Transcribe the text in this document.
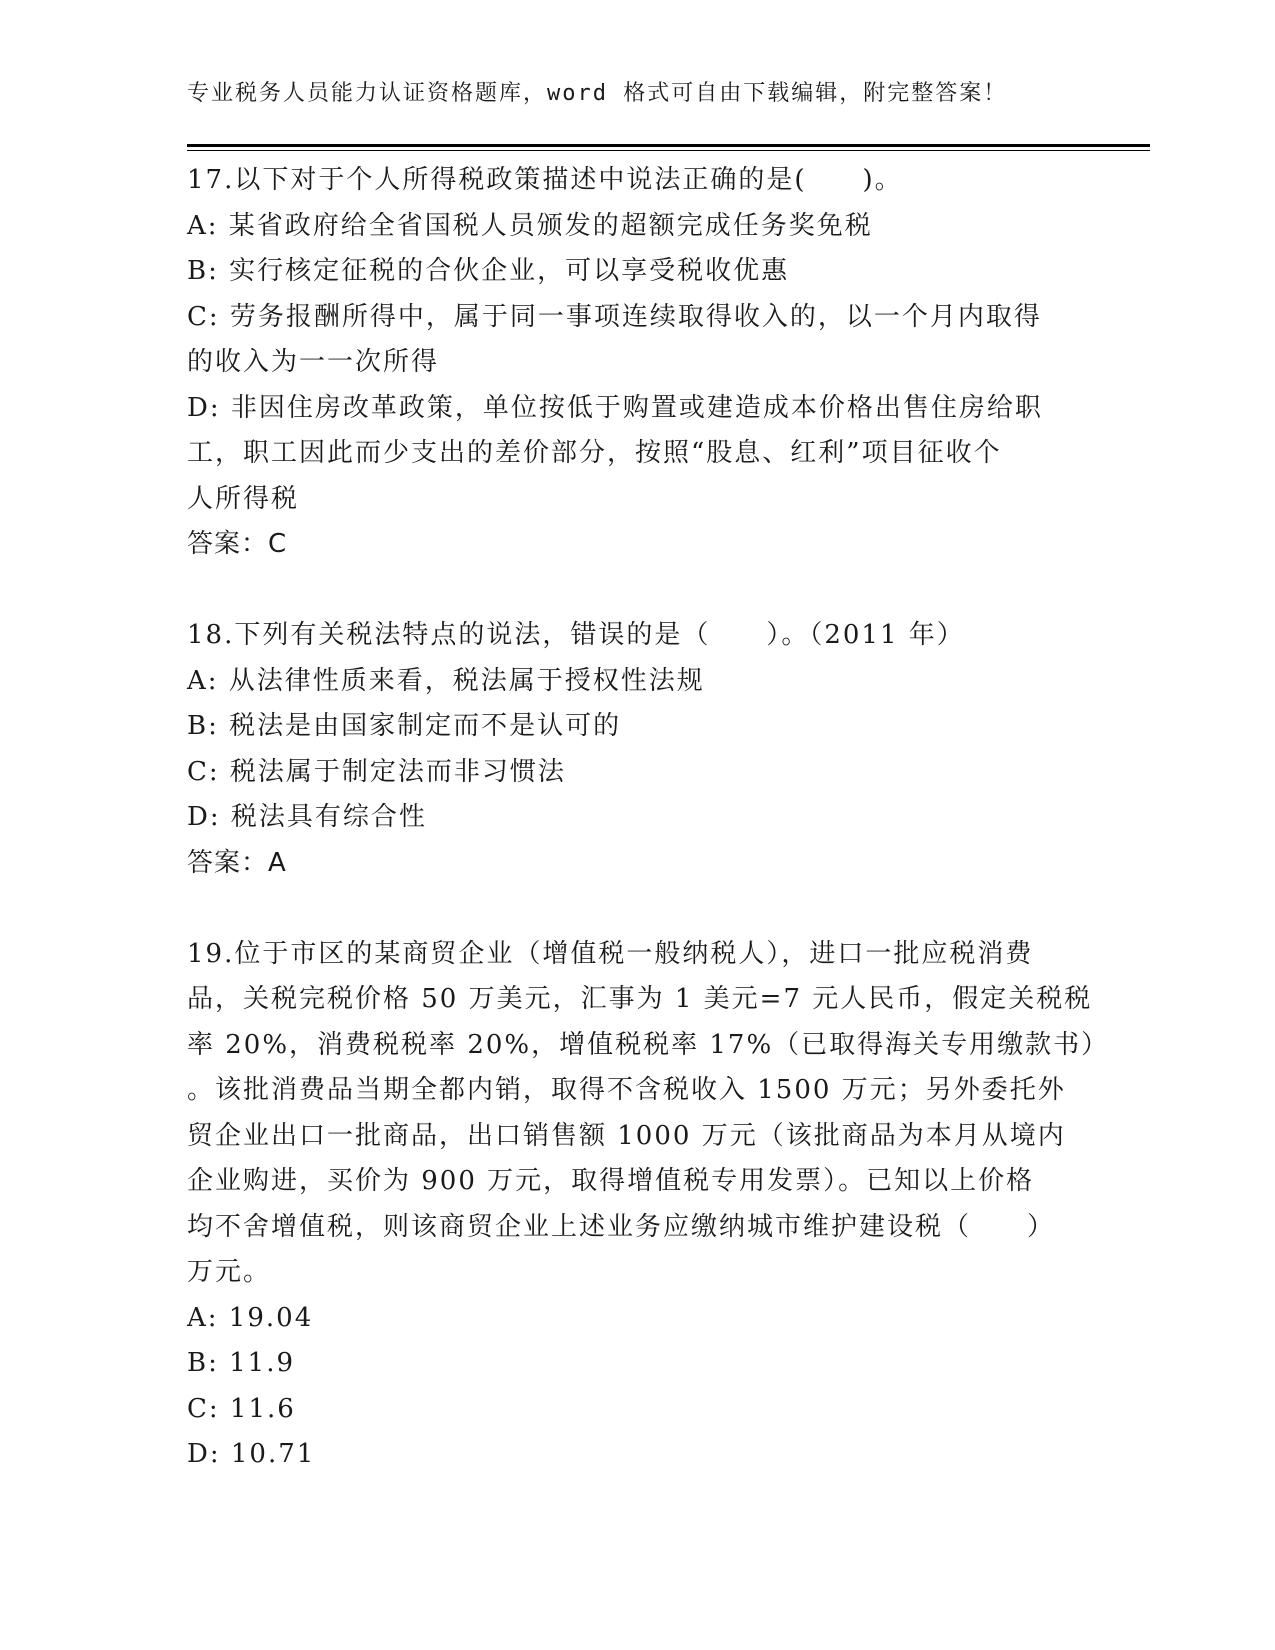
专业税务人员能力认证资格题库，word 格式可自由下载编辑，附完整答案！
17.以下对于个人所得税政策描述中说法正确的是(　　)。
A: 某省政府给全省国税人员颁发的超额完成任务奖免税
B: 实行核定征税的合伙企业，可以享受税收优惠
C: 劳务报酬所得中，属于同一事项连续取得收入的，以一个月内取得
的收入为一一次所得
D: 非因住房改革政策，单位按低于购置或建造成本价格出售住房给职
工，职工因此而少支出的差价部分，按照“股息、红利”项目征收个
人所得税
答案：C
18.下列有关税法特点的说法，错误的是（　　）。（2011 年）
A: 从法律性质来看，税法属于授权性法规
B: 税法是由国家制定而不是认可的
C: 税法属于制定法而非习惯法
D: 税法具有综合性
答案：A
19.位于市区的某商贸企业（增值税一般纳税人），进口一批应税消费
品，关税完税价格 50 万美元，汇事为 1 美元=7 元人民币，假定关税税
率 20%，消费税税率 20%，增值税税率 17%（已取得海关专用缴款书）
。该批消费品当期全都内销，取得不含税收入 1500 万元；另外委托外
贸企业出口一批商品，出口销售额 1000 万元（该批商品为本月从境内
企业购进，买价为 900 万元，取得增值税专用发票）。已知以上价格
均不舍增值税，则该商贸企业上述业务应缴纳城市维护建设税（　　）
万元。
A: 19.04
B: 11.9
C: 11.6
D: 10.71
